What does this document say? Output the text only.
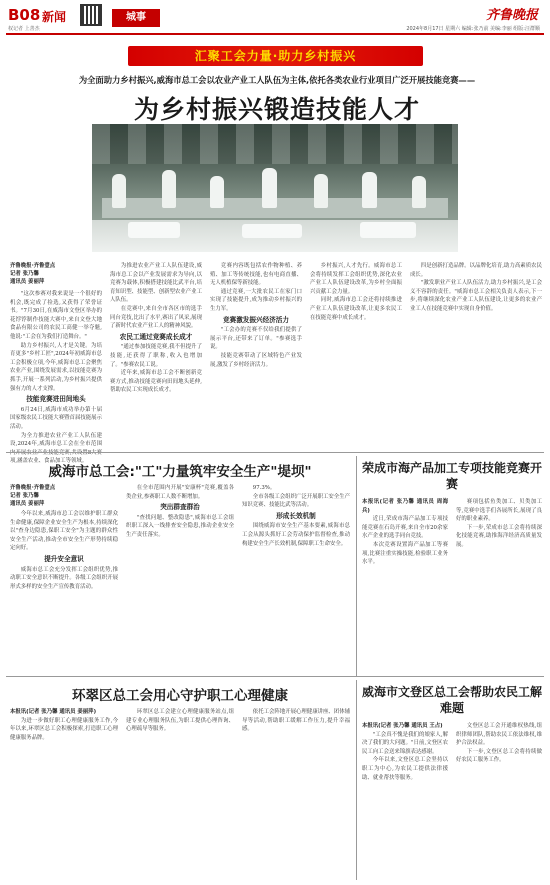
B08 新闻
权记者 上善杰
城事	齐鲁晚报
2024年8月17日 星期六 编辑:张乃前 美编:李丽 组版:汪群顺
汇聚工会力量·助力乡村振兴
为全面助力乡村振兴,威海市总工会以农业产业工人队伍为主体,依托各类农业行业项目广泛开展技能竞赛——
为乡村振兴锻造技能人才
齐鲁晚报·齐鲁壹点
记者 张乃馨
通讯员 姜丽萍

"这次参赛对我来说是一个很好的机会,既完成了捡选,又获得了荣誉证书。"7月30日,在威海市文登区举办的花饽饽制作技能大赛中,来自文登大地食品有限公司的农民工高健一举夺魁,他说:"工会在为我们打造舞台。"

助力乡村振兴,人才是关键。为培育更多"乡村工匠",2024年初威海市总工会积极立项,今年,威海市总工会聚焦农业产业,围绕发展需求,以技能竞赛为抓手,开展一系列活动,为乡村振兴提供强有力的人才支撑。

技能竞赛进田间地头

6月24日,威海市成功举办第十届国家级农民工技能大赛暨首届技能展示活动。

为全力推进农业产业工人队伍建设,2024年,威海市总工会在全市范围 项,涵盖农业、食品加工等领域。

为推进农业产业工人队伍建设,威海市总工会以产业发展需求为导向,以竞赛为载体,积极搭建技能比武平台,培育知识型、技能型、创新型农业产业工人队伍。

在竞赛中,来自全市各区市的选手同台竞技,比出了水平,赛出了风采,展现了新时代农业产业工人的精神风貌。

农民工通过竞赛成长成才

"通过参加技能竞赛,我不但提升了技能,还获得了职称,收入也增加了。"参赛农民工说。

近年来,威海市总工会不断创新竞赛方式,推动技能竞赛向田间地头延伸,帮助农民工实现成长成才。

竞赛内容既包括农作物种植、养殖、加工等传统技能,也有电商直播、无人机植保等新技能。

通过竞赛,一大批农民工在家门口实现了技能提升,成为推动乡村振兴的生力军。

竞赛激发振兴经济活力

"工会办的竞赛不仅给我们提供了展示平台,还带来了订单。"参赛选手说。

技能竞赛带动了区域特色产业发展,激发了乡村经济活力。

乡村振兴,人才先行。威海市总工会将持续发挥工会组织优势,深化农业产业工人队伍建设改革,为乡村全面振兴贡献工会力量。

同时,威海市总工会还将持续推进产业工人队伍建设改革,让更多农民工在技能竞赛中成长成才。

四是创新打造品牌。以品牌化培育,助力高素质农民成长。

"激发职业产业工人队伍活力,助力乡村振兴,是工会义不容辞的责任。"威海市总工会相关负责人表示,下一步,将继续深化农业产业工人队伍建设,让更多的农业产业工人在技能竞赛中实现自身价值。

威海市总工会:"工"力量筑牢安全生产"堤坝"
齐鲁晚报·齐鲁壹点
记者 张乃馨
通讯员 姜丽萍

今年以来,威海市总工会以维护职工群众生命健康,保障企业安全生产为根本,持续深化以"查身边隐患,保职工安全"为主题的群众性安全生产活动,推动全市安全生产形势持续稳定向好。

提升安全意识

威海市总工会充分发挥工会组织优势,推动职工安全意识不断提升。各级工会组织开展形式多样的安全生产宣传教育活动。

在全市范围内开展"安康杯"竞赛,覆盖各类企业,参赛职工人数不断增加。

突出群查群治

"查找问题、整改隐患",威海市总工会组织职工深入一线排查安全隐患,推动企业安全生产责任落实。

97.3%。

全市各级工会组织广泛开展职工安全生产知识竞赛、技能比武等活动。

形成长效机制

围绕威海市安全生产基本要素,威海市总工会从源头抓好工会劳动保护监督检查,推动构建安全生产长效机制,保障职工生命安全。

荣成市海产品加工专项技能竞赛开赛

本报讯(记者 张乃馨 通讯员 周海兵)

近日,荣成市海产品加工专项技能竞赛在石岛开赛,来自全市20余家水产企业的选手同台竞技。

本次竞赛设置海产品加工等赛项,比赛注重实操技能,检验职工业务水平。

赛项包括鱼类加工、贝类加工等,竞赛中选手们各展所长,展现了良好的职业素养。

下一步,荣成市总工会将持续深化技能竞赛,助推海洋经济高质量发展。

环翠区总工会用心守护职工心理健康

本报讯(记者 张乃馨 通讯员 姜丽萍)

为进一步做好职工心理健康服务工作,今年以来,环翠区总工会积极探索,打造职工心理健康服务品牌。

环翠区总工会建立心理健康服务站点,组建专业心理服务队伍,为职工提供心理咨询、心理疏导等服务。

依托工会阵地开展心理健康讲座、团体辅导等活动,帮助职工缓解工作压力,提升幸福感。

威海市文登区总工会帮助农民工解难题

本报讯(记者 张乃馨 通讯员 王占)

"工会真不愧是我们的娘家人,解决了我们的大问题。"日前,文登区农民工向工会送来锦旗表达感谢。

今年以来,文登区总工会坚持以职工为中心,为农民工提供法律援助、就业帮扶等服务。

文登区总工会开通维权热线,组织律师团队,帮助农民工依法维权,维护合法权益。

下一步,文登区总工会将持续做好农民工服务工作。
